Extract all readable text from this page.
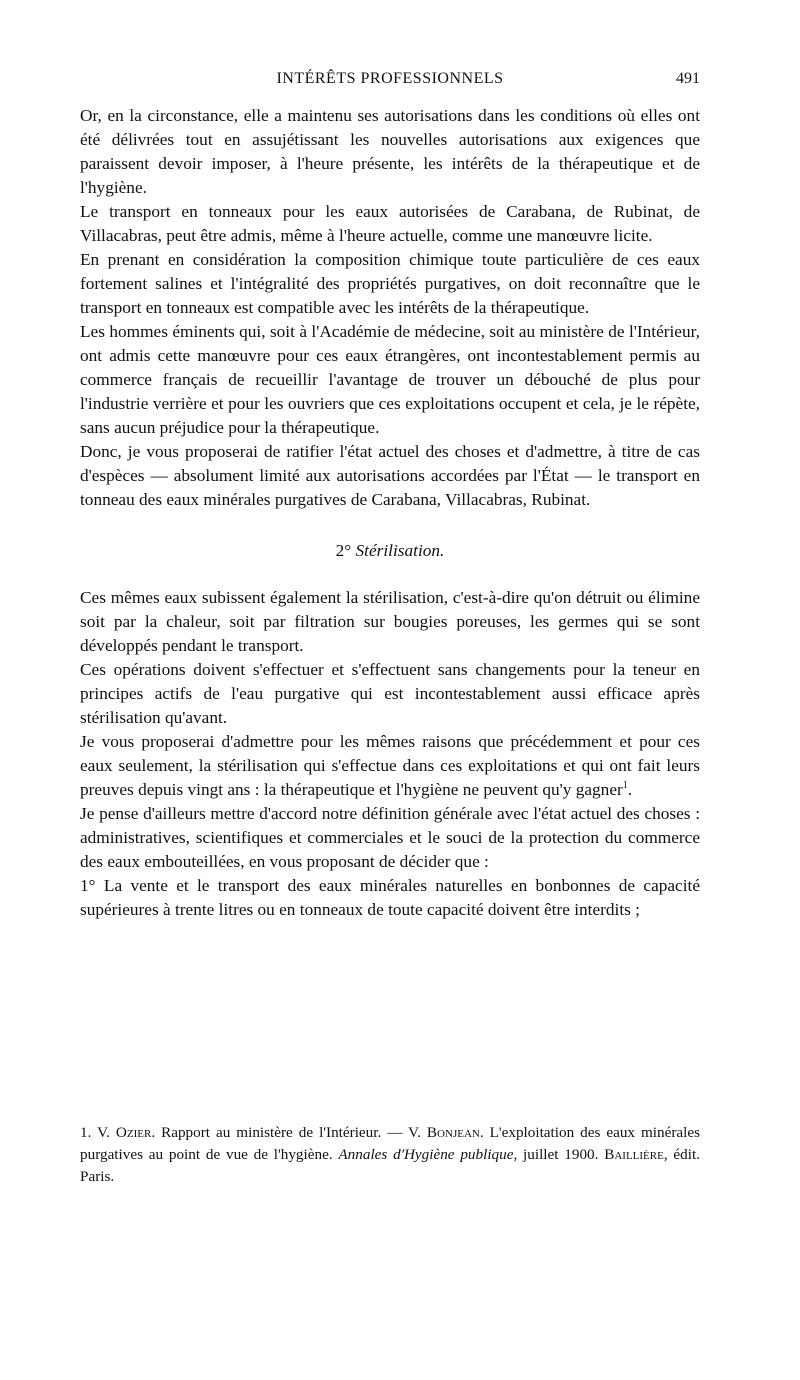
INTÉRÊTS PROFESSIONNELS	491

Or, en la circonstance, elle a maintenu ses autorisations dans les conditions où elles ont été délivrées tout en assujétissant les nouvelles autorisations aux exigences que paraissent devoir imposer, à l'heure présente, les intérêts de la thérapeutique et de l'hygiène.

Le transport en tonneaux pour les eaux autorisées de Carabana, de Rubinat, de Villacabras, peut être admis, même à l'heure actuelle, comme une manœuvre licite.

En prenant en considération la composition chimique toute particulière de ces eaux fortement salines et l'intégralité des propriétés purgatives, on doit reconnaître que le transport en tonneaux est compatible avec les intérêts de la thérapeutique.

Les hommes éminents qui, soit à l'Académie de médecine, soit au ministère de l'Intérieur, ont admis cette manœuvre pour ces eaux étrangères, ont incontestablement permis au commerce français de recueillir l'avantage de trouver un débouché de plus pour l'industrie verrière et pour les ouvriers que ces exploitations occupent et cela, je le répète, sans aucun préjudice pour la thérapeutique.

Donc, je vous proposerai de ratifier l'état actuel des choses et d'admettre, à titre de cas d'espèces — absolument limité aux autorisations accordées par l'État — le transport en tonneau des eaux minérales purgatives de Carabana, Villacabras, Rubinat.

2° Stérilisation.

Ces mêmes eaux subissent également la stérilisation, c'est-à-dire qu'on détruit ou élimine soit par la chaleur, soit par filtration sur bougies poreuses, les germes qui se sont développés pendant le transport.

Ces opérations doivent s'effectuer et s'effectuent sans changements pour la teneur en principes actifs de l'eau purgative qui est incontestablement aussi efficace après stérilisation qu'avant.

Je vous proposerai d'admettre pour les mêmes raisons que précédemment et pour ces eaux seulement, la stérilisation qui s'effectue dans ces exploitations et qui ont fait leurs preuves depuis vingt ans : la thérapeutique et l'hygiène ne peuvent qu'y gagner$^1$.

Je pense d'ailleurs mettre d'accord notre définition générale avec l'état actuel des choses : administratives, scientifiques et commerciales et le souci de la protection du commerce des eaux embouteillées, en vous proposant de décider que :

1° La vente et le transport des eaux minérales naturelles en bonbonnes de capacité supérieures à trente litres ou en tonneaux de toute capacité doivent être interdits ;

1. V. Ozier. Rapport au ministère de l'Intérieur. — V. Bonjean. L'exploitation des eaux minérales purgatives au point de vue de l'hygiène. Annales d'Hygiène publique, juillet 1900. Baillière, édit. Paris.
